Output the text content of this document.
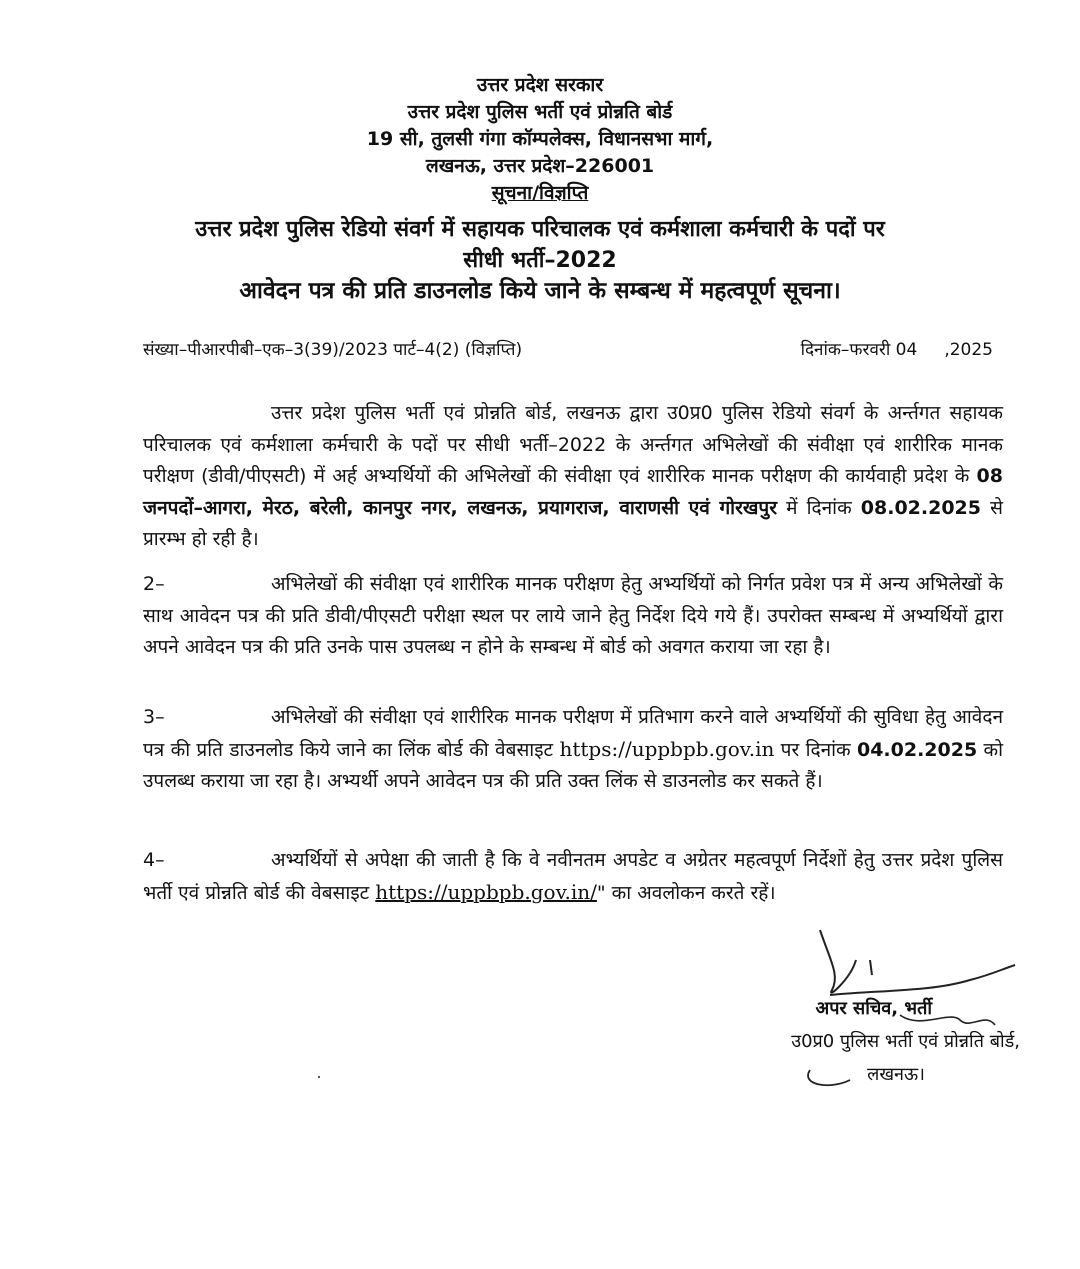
उत्तर प्रदेश सरकार
उत्तर प्रदेश पुलिस भर्ती एवं प्रोन्नति बोर्ड
19 सी, तुलसी गंगा कॉम्पलेक्स, विधानसभा मार्ग,
लखनऊ, उत्तर प्रदेश–226001
सूचना/विज्ञप्ति
उत्तर प्रदेश पुलिस रेडियो संवर्ग में सहायक परिचालक एवं कर्मशाला कर्मचारी के पदों पर
सीधी भर्ती–2022
आवेदन पत्र की प्रति डाउनलोड किये जाने के सम्बन्ध में महत्वपूर्ण सूचना।
संख्या–पीआरपीबी–एक–3(39)/2023 पार्ट–4(2) (विज्ञप्ति)	दिनांक–फरवरी 04     ,2025
उत्तर प्रदेश पुलिस भर्ती एवं प्रोन्नति बोर्ड, लखनऊ द्वारा उ0प्र0 पुलिस रेडियो संवर्ग के अर्न्तगत सहायक परिचालक एवं कर्मशाला कर्मचारी के पदों पर सीधी भर्ती–2022 के अर्न्तगत अभिलेखों की संवीक्षा एवं शारीरिक मानक परीक्षण (डीवी/पीएसटी) में अर्ह अभ्यर्थियों की अभिलेखों की संवीक्षा एवं शारीरिक मानक परीक्षण की कार्यवाही प्रदेश के 08 जनपदों–आगरा, मेरठ, बरेली, कानपुर नगर, लखनऊ, प्रयागराज, वाराणसी एवं गोरखपुर में दिनांक 08.02.2025 से प्रारम्भ हो रही है।
2–	अभिलेखों की संवीक्षा एवं शारीरिक मानक परीक्षण हेतु अभ्यर्थियों को निर्गत प्रवेश पत्र में अन्य अभिलेखों के साथ आवेदन पत्र की प्रति डीवी/पीएसटी परीक्षा स्थल पर लाये जाने हेतु निर्देश दिये गये हैं। उपरोक्त सम्बन्ध में अभ्यर्थियों द्वारा अपने आवेदन पत्र की प्रति उनके पास उपलब्ध न होने के सम्बन्ध में बोर्ड को अवगत कराया जा रहा है।
3–	अभिलेखों की संवीक्षा एवं शारीरिक मानक परीक्षण में प्रतिभाग करने वाले अभ्यर्थियों की सुविधा हेतु आवेदन पत्र की प्रति डाउनलोड किये जाने का लिंक बोर्ड की वेबसाइट https://uppbpb.gov.in पर दिनांक 04.02.2025 को उपलब्ध कराया जा रहा है। अभ्यर्थी अपने आवेदन पत्र की प्रति उक्त लिंक से डाउनलोड कर सकते हैं।
4–	अभ्यर्थियों से अपेक्षा की जाती है कि वे नवीनतम अपडेट व अग्रेतर महत्वपूर्ण निर्देशों हेतु उत्तर प्रदेश पुलिस भर्ती एवं प्रोन्नति बोर्ड की वेबसाइट https://uppbpb.gov.in/" का अवलोकन करते रहें।
अपर सचिव, भर्ती
उ0प्र0 पुलिस भर्ती एवं प्रोन्नति बोर्ड,
लखनऊ।
